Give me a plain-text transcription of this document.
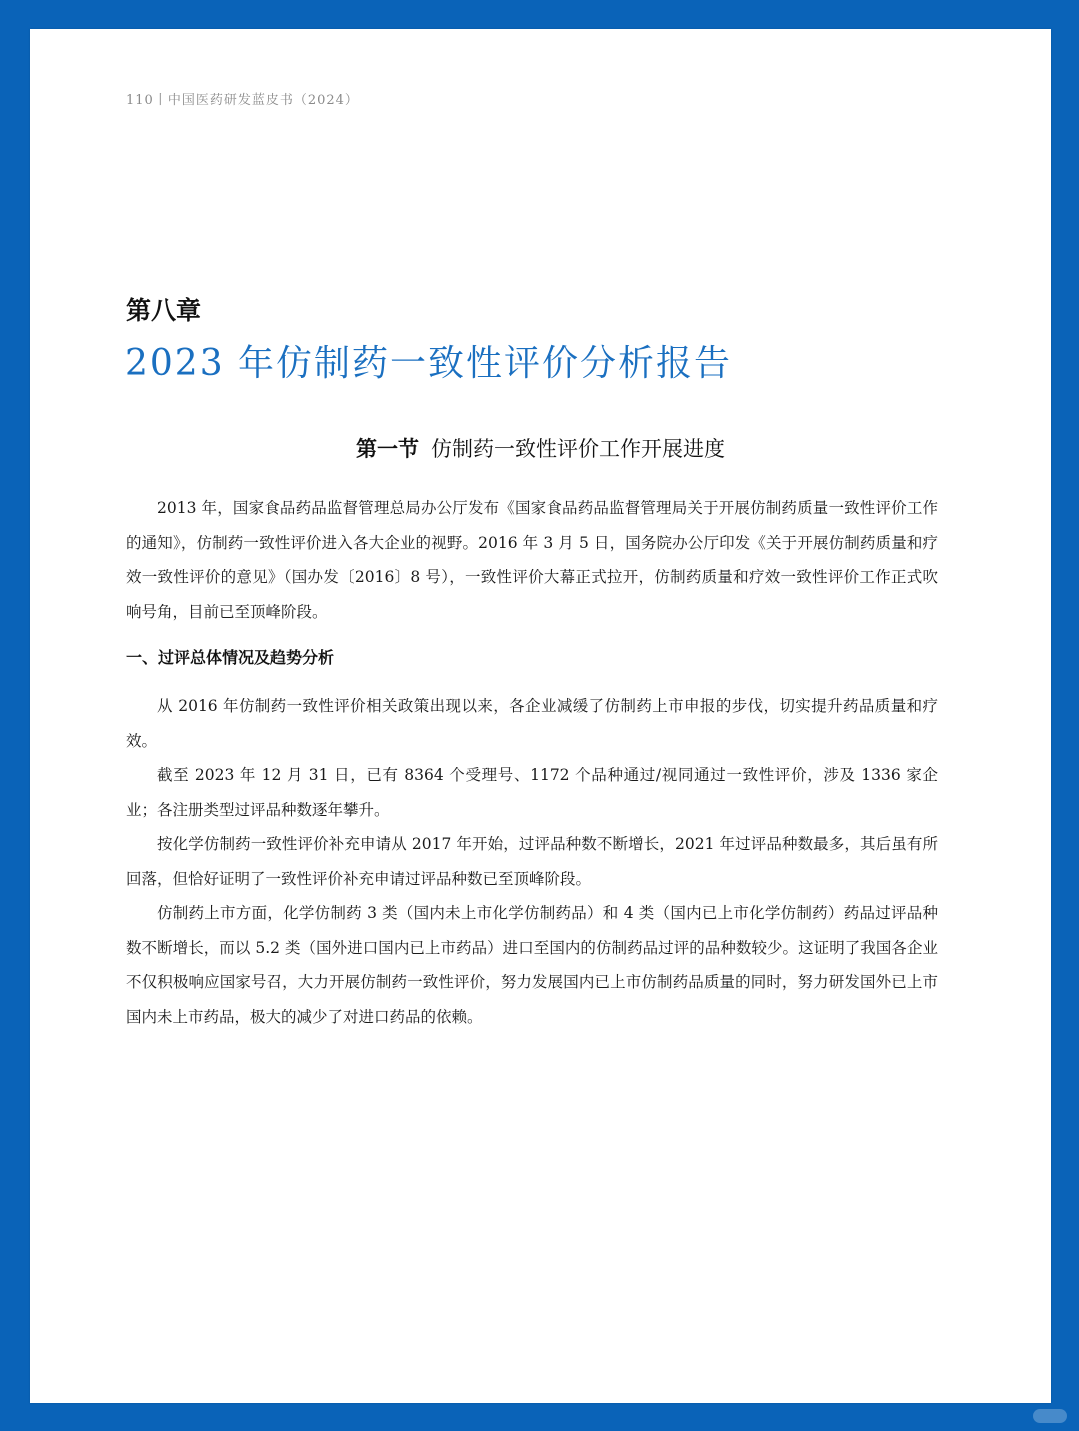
110丨中国医药研发蓝皮书（2024）
第八章
2023 年仿制药一致性评价分析报告
第一节 仿制药一致性评价工作开展进度

2013 年，国家食品药品监督管理总局办公厅发布《国家食品药品监督管理局关于开展仿制药质量一致性评价工作的通知》，仿制药一致性评价进入各大企业的视野。2016 年 3 月 5 日，国务院办公厅印发《关于开展仿制药质量和疗效一致性评价的意见》（国办发〔2016〕8 号），一致性评价大幕正式拉开，仿制药质量和疗效一致性评价工作正式吹响号角，目前已至顶峰阶段。

一、过评总体情况及趋势分析

从 2016 年仿制药一致性评价相关政策出现以来，各企业减缓了仿制药上市申报的步伐，切实提升药品质量和疗效。

截至 2023 年 12 月 31 日，已有 8364 个受理号、1172 个品种通过/视同通过一致性评价，涉及 1336 家企业；各注册类型过评品种数逐年攀升。

按化学仿制药一致性评价补充申请从 2017 年开始，过评品种数不断增长，2021 年过评品种数最多，其后虽有所回落，但恰好证明了一致性评价补充申请过评品种数已至顶峰阶段。

仿制药上市方面，化学仿制药 3 类（国内未上市化学仿制药品）和 4 类（国内已上市化学仿制药）药品过评品种数不断增长，而以 5.2 类（国外进口国内已上市药品）进口至国内的仿制药品过评的品种数较少。这证明了我国各企业不仅积极响应国家号召，大力开展仿制药一致性评价，努力发展国内已上市仿制药品质量的同时，努力研发国外已上市国内未上市药品，极大的减少了对进口药品的依赖。
